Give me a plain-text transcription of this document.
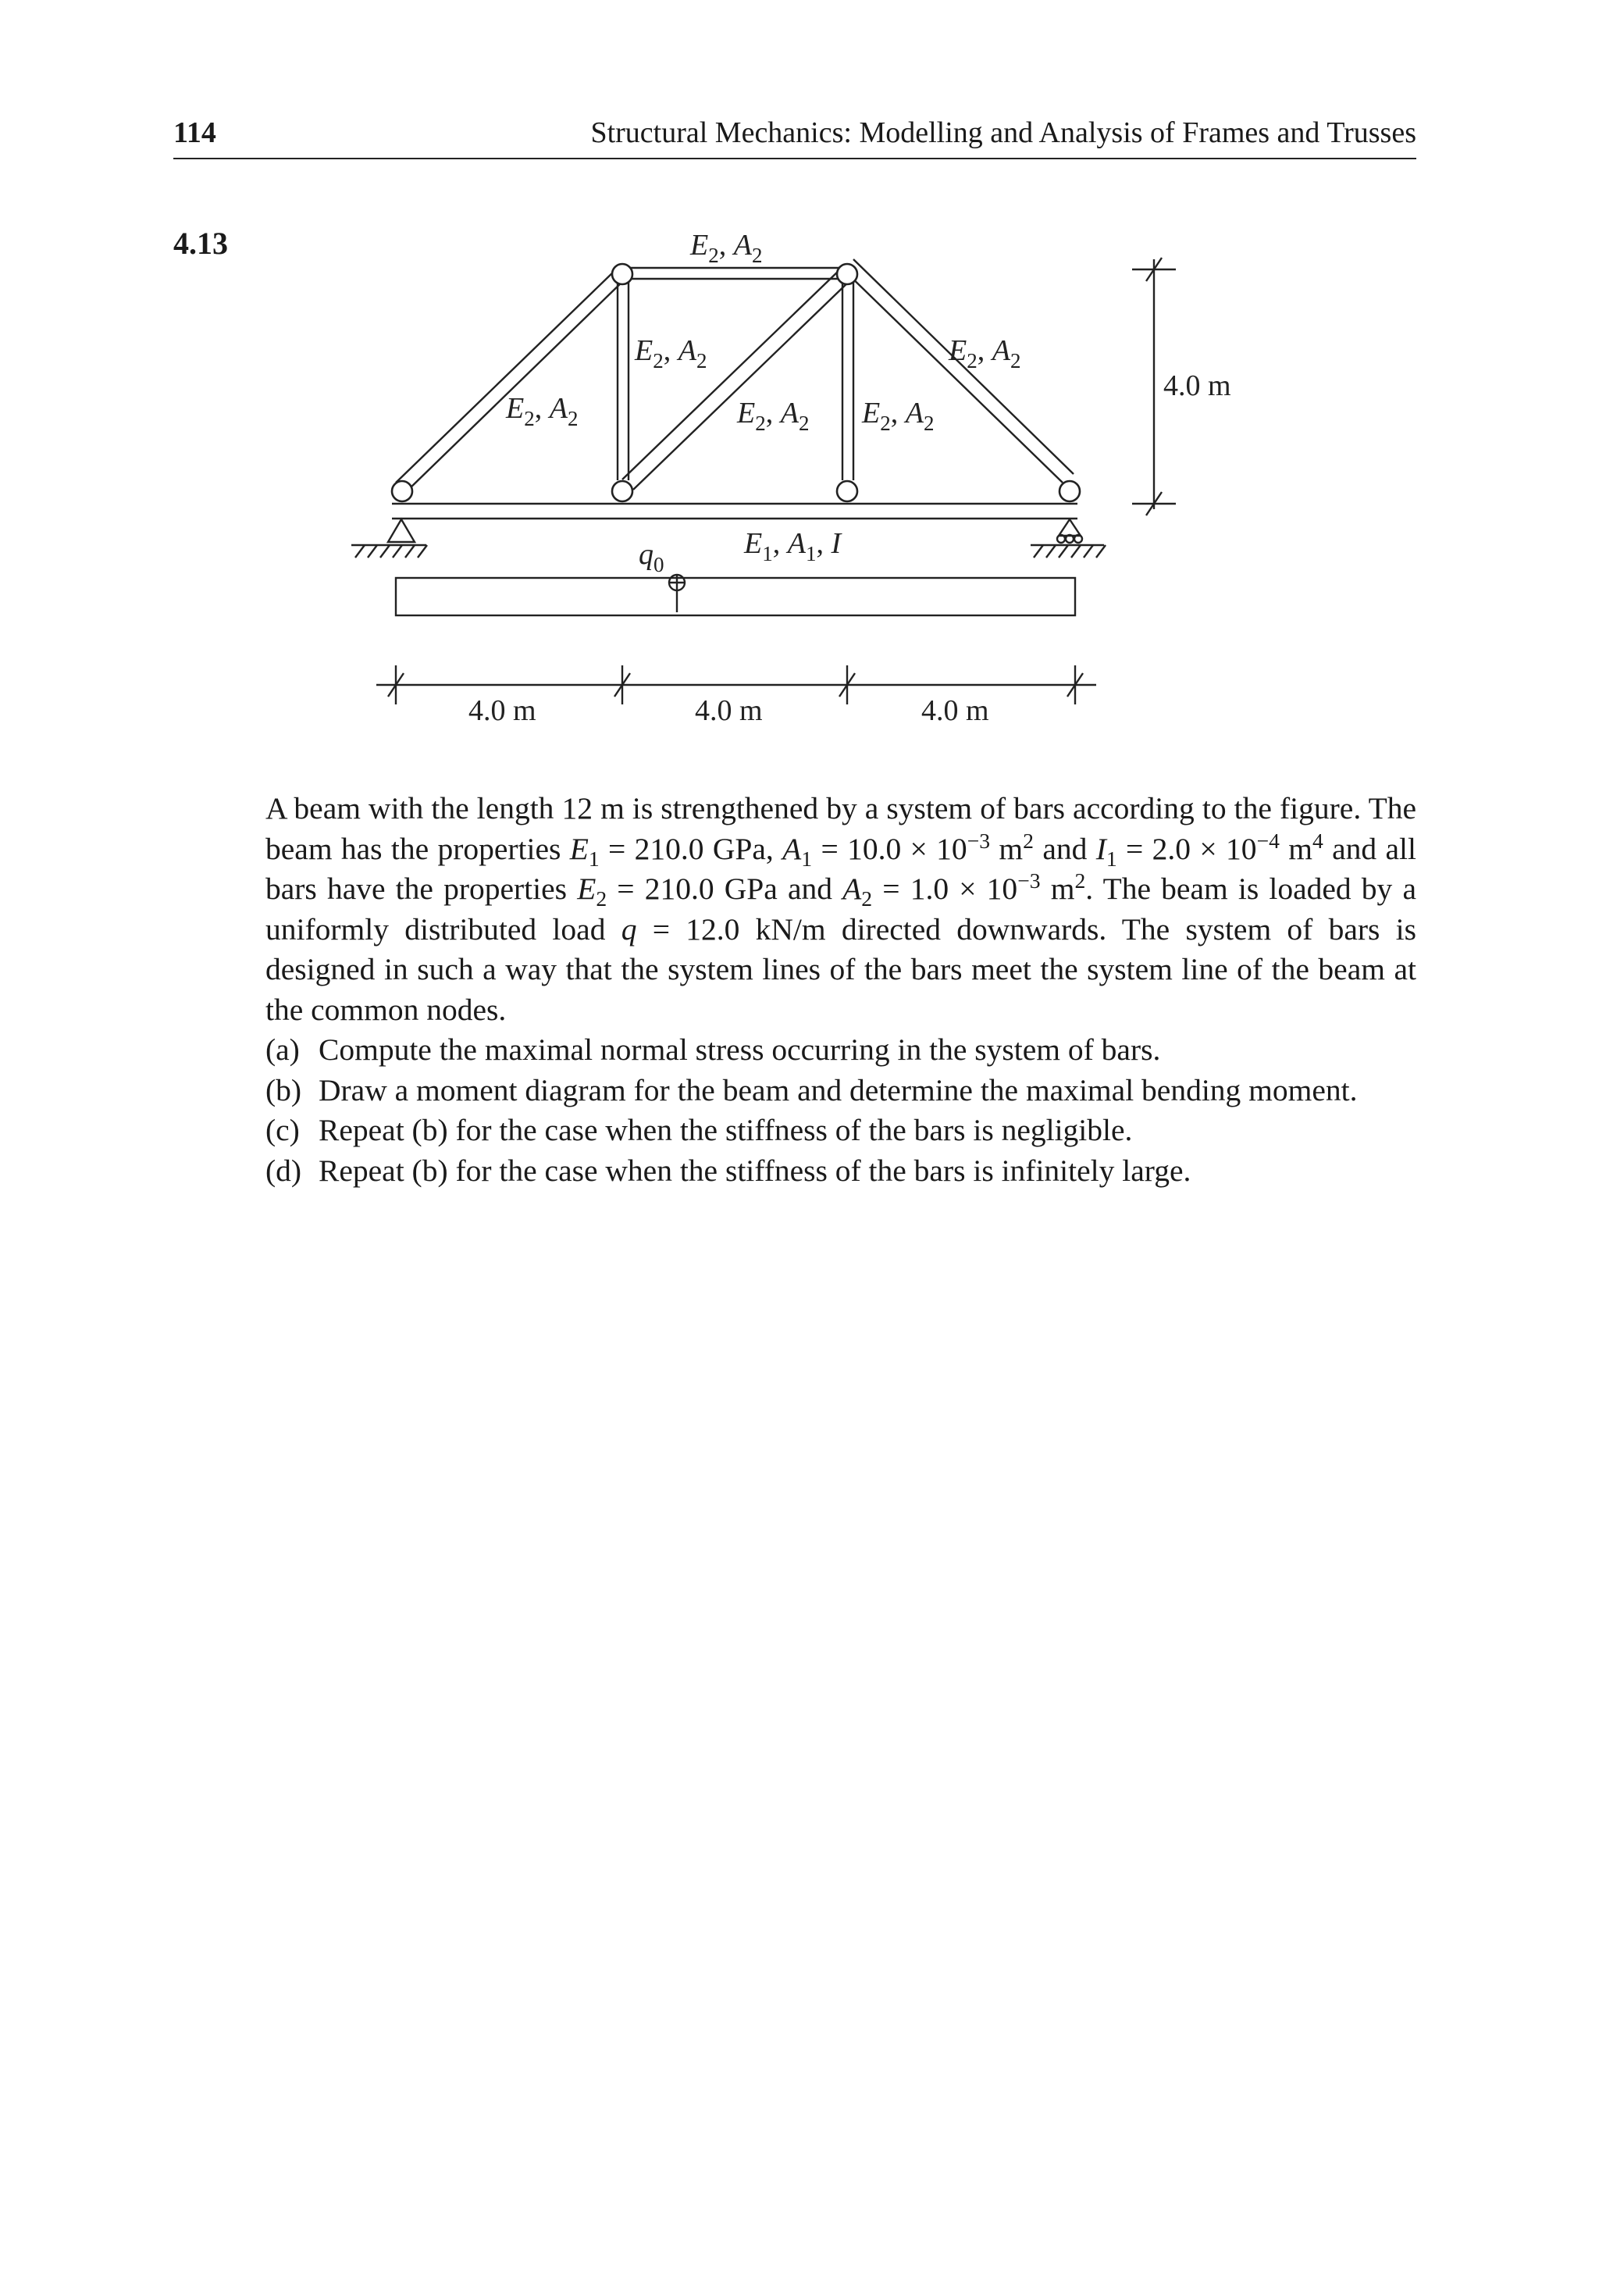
114	Structural Mechanics: Modelling and Analysis of Frames and Trusses
4.13	$E_2$, $A_2$
$E_2$, $A_2$	$E_2$, $A_2$
$E_2$, $A_2$	$E_2$, $A_2$ $E_2$, $A_2$
$E_1$, $A_1$, I
$q_0$
4.0 m
4.0 m	4.0 m	4.0 m

A beam with the length 12 m is strengthened by a system of bars according to the figure. The beam has the properties $E_1 = 210.0$ GPa, $A_1 = 10.0 \times 10^{-3}$ $m^2$ and $I_1 = 2.0 \times 10^{-4}$ $m^4$ and all bars have the properties $E_2 = 210.0$ GPa and $A_2 = 1.0 \times 10^{-3}$ $m^2$. The beam is loaded by a uniformly distributed load q = 12.0 kN/m directed downwards. The system of bars is designed in such a way that the system lines of the bars meet the system line of the beam at the common nodes.

(a) Compute the maximal normal stress occurring in the system of bars.
(b) Draw a moment diagram for the beam and determine the maximal bending moment.
(c) Repeat (b) for the case when the stiffness of the bars is negligible.
(d) Repeat (b) for the case when the stiffness of the bars is infinitely large.
